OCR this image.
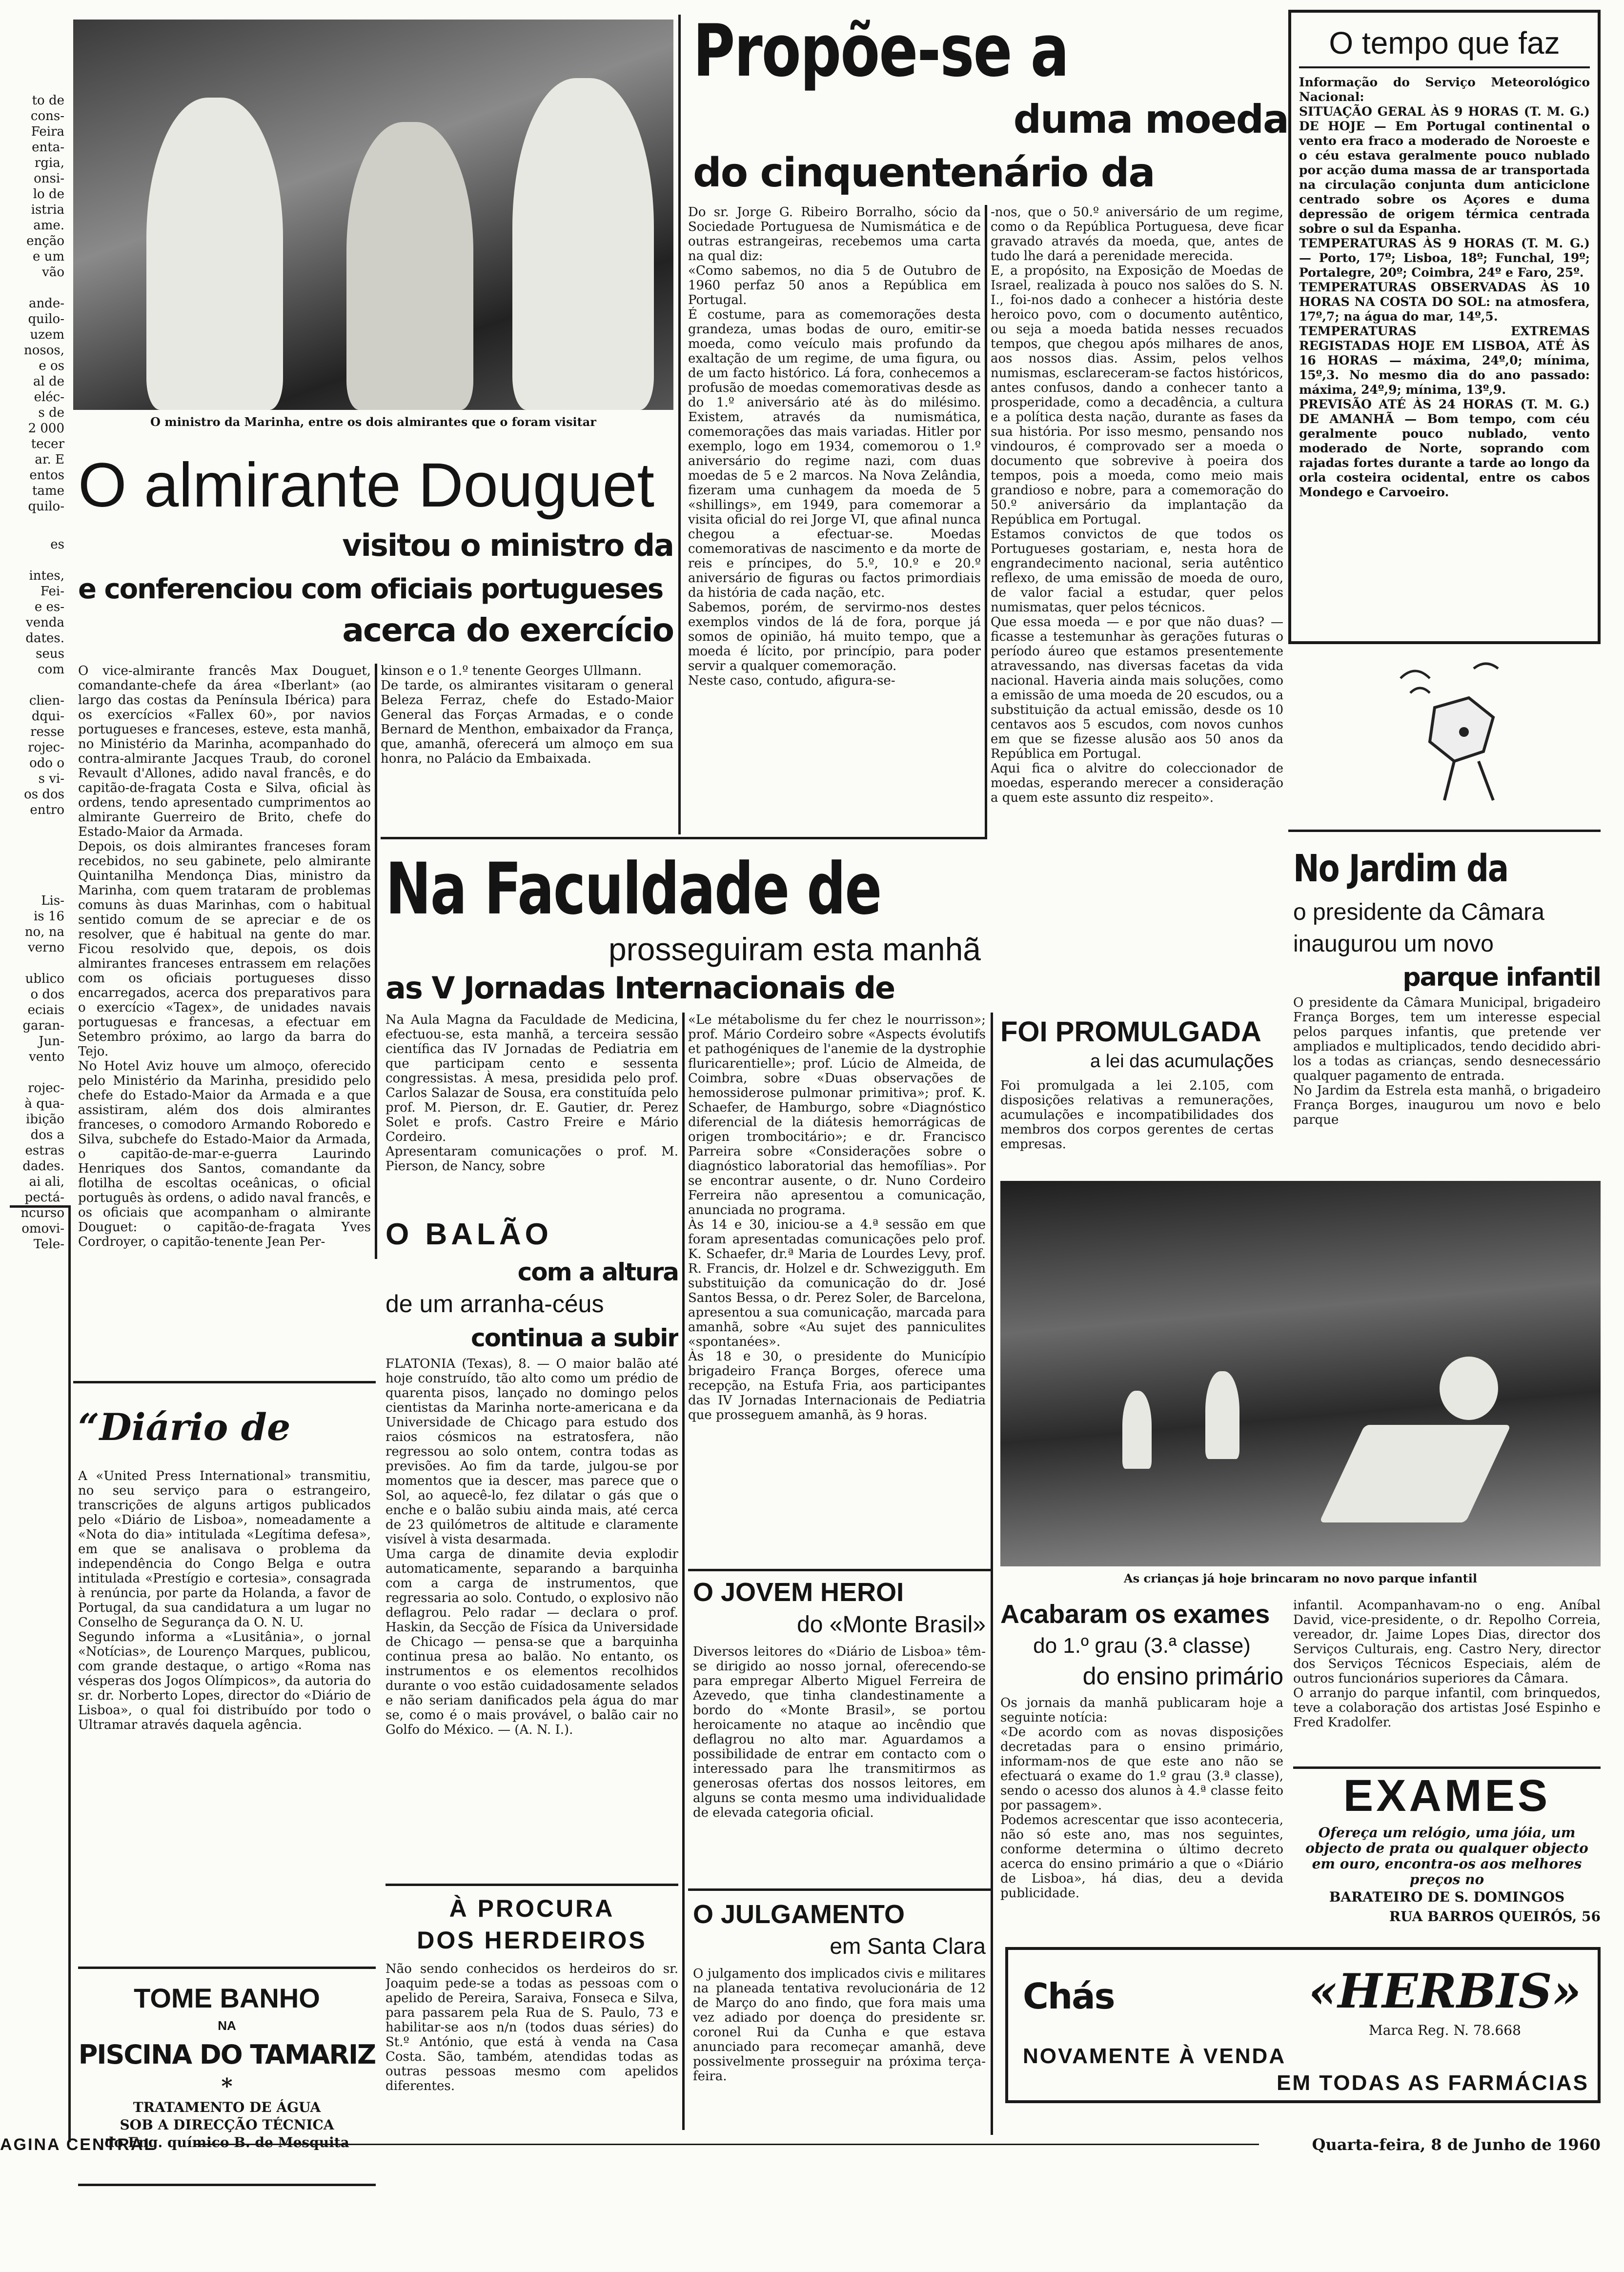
to de
cons-
Feira
enta-
rgia,
onsi-
lo de
istria
ame.
enção
e um
vão

ande-
quilo-
uzem
nosos,
e os
al de
eléc-
s de
2 000
tecer
ar. E
entos
tame
quilo-
es

intes,
Fei-
e es-
venda
dates.
seus
com

clien-
dqui-
resse
rojec-
odo o
s vi-
os dos
entro
Lis-
is 16
no, na
verno

ublico
o dos
eciais
garan-
Jun-
vento

rojec-
à qua-
ibição
dos a
estras
dades.
ai ali,
pectá-
ncurso
omovi-
Tele-
O ministro da Marinha, entre os dois almirantes que o foram visitar
O almirante Douguet
visitou o ministro da
e conferenciou com oficiais portugueses
acerca do exercício
O vice-almirante francês Max Douguet, comandante-chefe da área «Iberlant» (ao largo das costas da Península Ibérica) para os exercícios «Fallex 60», por navios portugueses e franceses, esteve, esta manhã, no Ministério da Marinha, acompanhado do contra-almirante Jacques Traub, do coronel Revault d'Allones, adido naval francês, e do capitão-de-fragata Costa e Silva, oficial às ordens, tendo apresentado cumprimentos ao almirante Guerreiro de Brito, chefe do Estado-Maior da Armada.
Depois, os dois almirantes franceses foram recebidos, no seu gabinete, pelo almirante Quintanilha Mendonça Dias, ministro da Marinha, com quem trataram de problemas comuns às duas Marinhas, com o habitual sentido comum de se apreciar e de os resolver, que é habitual na gente do mar. Ficou resolvido que, depois, os dois almirantes franceses entrassem em relações com os oficiais portugueses disso encarregados, acerca dos preparativos para o exercício «Tagex», de unidades navais portuguesas e francesas, a efectuar em Setembro próximo, ao largo da barra do Tejo.
No Hotel Aviz houve um almoço, oferecido pelo Ministério da Marinha, presidido pelo chefe do Estado-Maior da Armada e a que assistiram, além dos dois almirantes franceses, o comodoro Armando Roboredo e Silva, subchefe do Estado-Maior da Armada, o capitão-de-mar-e-guerra Laurindo Henriques dos Santos, comandante da flotilha de escoltas oceânicas, o oficial português às ordens, o adido naval francês, e os oficiais que acompanham o almirante Douguet: o capitão-de-fragata Yves Cordroyer, o capitão-tenente Jean Per-
kinson e o 1.º tenente Georges Ullmann.
De tarde, os almirantes visitaram o general Beleza Ferraz, chefe do Estado-Maior General das Forças Armadas, e o conde Bernard de Menthon, embaixador da França, que, amanhã, oferecerá um almoço em sua honra, no Palácio da Embaixada.
Propõe-se a
duma moeda
do cinquentenário da
Do sr. Jorge G. Ribeiro Borralho, sócio da Sociedade Portuguesa de Numismática e de outras estrangeiras, recebemos uma carta na qual diz:
«Como sabemos, no dia 5 de Outubro de 1960 perfaz 50 anos a República em Portugal.
É costume, para as comemorações desta grandeza, umas bodas de ouro, emitir-se moeda, como veículo mais profundo da exaltação de um regime, de uma figura, ou de um facto histórico. Lá fora, conhecemos a profusão de moedas comemorativas desde as do 1.º aniversário até às do milésimo. Existem, através da numismática, comemorações das mais variadas. Hitler por exemplo, logo em 1934, comemorou o 1.º aniversário do regime nazi, com duas moedas de 5 e 2 marcos. Na Nova Zelândia, fizeram uma cunhagem da moeda de 5 «shillings», em 1949, para comemorar a visita oficial do rei Jorge VI, que afinal nunca chegou a efectuar-se. Moedas comemorativas de nascimento e da morte de reis e príncipes, do 5.º, 10.º e 20.º aniversário de figuras ou factos primordiais da história de cada nação, etc.
Sabemos, porém, de servirmo-nos destes exemplos vindos de lá de fora, porque já somos de opinião, há muito tempo, que a moeda é lícito, por princípio, para poder servir a qualquer comemoração.
Neste caso, contudo, afigura-se-
-nos, que o 50.º aniversário de um regime, como o da República Portuguesa, deve ficar gravado através da moeda, que, antes de tudo lhe dará a perenidade merecida.
E, a propósito, na Exposição de Moedas de Israel, realizada à pouco nos salões do S. N. I., foi-nos dado a conhecer a história deste heroico povo, com o documento autêntico, ou seja a moeda batida nesses recuados tempos, que chegou após milhares de anos, aos nossos dias. Assim, pelos velhos numismas, esclareceram-se factos históricos, antes confusos, dando a conhecer tanto a prosperidade, como a decadência, a cultura e a política desta nação, durante as fases da sua história. Por isso mesmo, pensando nos vindouros, é comprovado ser a moeda o documento que sobrevive à poeira dos tempos, pois a moeda, como meio mais grandioso e nobre, para a comemoração do 50.º aniversário da implantação da República em Portugal.
Estamos convictos de que todos os Portugueses gostariam, e, nesta hora de engrandecimento nacional, seria autêntico reflexo, de uma emissão de moeda de ouro, de valor facial a estudar, quer pelos numismatas, quer pelos técnicos.
Que essa moeda — e por que não duas? — ficasse a testemunhar às gerações futuras o período áureo que estamos presentemente atravessando, nas diversas facetas da vida nacional. Haveria ainda mais soluções, como a emissão de uma moeda de 20 escudos, ou a substituição da actual emissão, desde os 10 centavos aos 5 escudos, com novos cunhos em que se fizesse alusão aos 50 anos da República em Portugal.
Aqui fica o alvitre do coleccionador de moedas, esperando merecer a consideração a quem este assunto diz respeito».
O tempo que faz
Informação do Serviço Meteorológico Nacional:
SITUAÇÃO GERAL ÀS 9 HORAS (T. M. G.) DE HOJE — Em Portugal continental o vento era fraco a moderado de Noroeste e o céu estava geralmente pouco nublado por acção duma massa de ar transportada na circulação conjunta dum anticiclone centrado sobre os Açores e duma depressão de origem térmica centrada sobre o sul da Espanha.
TEMPERATURAS ÀS 9 HORAS (T. M. G.) — Porto, 17º; Lisboa, 18º; Funchal, 19º; Portalegre, 20º; Coimbra, 24º e Faro, 25º.
TEMPERATURAS OBSERVADAS ÀS 10 HORAS NA COSTA DO SOL: na atmosfera, 17º,7; na água do mar, 14º,5.
TEMPERATURAS EXTREMAS REGISTADAS HOJE EM LISBOA, ATÉ ÀS 16 HORAS — máxima, 24º,0; mínima, 15º,3. No mesmo dia do ano passado: máxima, 24º,9; mínima, 13º,9.
PREVISÃO ATÉ ÀS 24 HORAS (T. M. G.) DE AMANHÃ — Bom tempo, com céu geralmente pouco nublado, vento moderado de Norte, soprando com rajadas fortes durante a tarde ao longo da orla costeira ocidental, entre os cabos Mondego e Carvoeiro.
Na Faculdade de
prosseguiram esta manhã
as V Jornadas Internacionais de
Na Aula Magna da Faculdade de Medicina, efectuou-se, esta manhã, a terceira sessão científica das IV Jornadas de Pediatria em que participam cento e sessenta congressistas. À mesa, presidida pelo prof. Carlos Salazar de Sousa, era constituída pelo prof. M. Pierson, dr. E. Gautier, dr. Perez Solet e profs. Castro Freire e Mário Cordeiro.
Apresentaram comunicações o prof. M. Pierson, de Nancy, sobre
«Le métabolisme du fer chez le nourrisson»; prof. Mário Cordeiro sobre «Aspects évolutifs et pathogéniques de l'anemie de la dystrophie fluricarentielle»; prof. Lúcio de Almeida, de Coimbra, sobre «Duas observações de hemossiderose pulmonar primitiva»; prof. K. Schaefer, de Hamburgo, sobre «Diagnóstico diferencial de la diátesis hemorrágicas de origen trombocitário»; e dr. Francisco Parreira sobre «Considerações sobre o diagnóstico laboratorial das hemofílias». Por se encontrar ausente, o dr. Nuno Cordeiro Ferreira não apresentou a comunicação, anunciada no programa.
Às 14 e 30, iniciou-se a 4.ª sessão em que foram apresentadas comunicações pelo prof. K. Schaefer, dr.ª Maria de Lourdes Levy, prof. R. Francis, dr. Holzel e dr. Schwezigguth. Em substituição da comunicação do dr. José Santos Bessa, o dr. Perez Soler, de Barcelona, apresentou a sua comunicação, marcada para amanhã, sobre «Au sujet des panniculites «spontanées».
Às 18 e 30, o presidente do Município brigadeiro França Borges, oferece uma recepção, na Estufa Fria, aos participantes das IV Jornadas Internacionais de Pediatria que prosseguem amanhã, às 9 horas.
O BALÃO
com a altura
de um arranha-céus
continua a subir
FLATONIA (Texas), 8. — O maior balão até hoje construído, tão alto como um prédio de quarenta pisos, lançado no domingo pelos cientistas da Marinha norte-americana e da Universidade de Chicago para estudo dos raios cósmicos na estratosfera, não regressou ao solo ontem, contra todas as previsões. Ao fim da tarde, julgou-se por momentos que ia descer, mas parece que o Sol, ao aquecê-lo, fez dilatar o gás que o enche e o balão subiu ainda mais, até cerca de 23 quilómetros de altitude e claramente visível à vista desarmada.
Uma carga de dinamite devia explodir automaticamente, separando a barquinha com a carga de instrumentos, que regressaria ao solo. Contudo, o explosivo não deflagrou. Pelo radar — declara o prof. Haskin, da Secção de Física da Universidade de Chicago — pensa-se que a barquinha continua presa ao balão. No entanto, os instrumentos e os elementos recolhidos durante o voo estão cuidadosamente selados e não seriam danificados pela água do mar se, como é o mais provável, o balão cair no Golfo do México. — (A. N. I.).
“Diário de
A «United Press International» transmitiu, no seu serviço para o estrangeiro, transcrições de alguns artigos publicados pelo «Diário de Lisboa», nomeadamente a «Nota do dia» intitulada «Legítima defesa», em que se analisava o problema da independência do Congo Belga e outra intitulada «Prestígio e cortesia», consagrada à renúncia, por parte da Holanda, a favor de Portugal, da sua candidatura a um lugar no Conselho de Segurança da O. N. U.
Segundo informa a «Lusitânia», o jornal «Notícias», de Lourenço Marques, publicou, com grande destaque, o artigo «Roma nas vésperas dos Jogos Olímpicos», da autoria do sr. dr. Norberto Lopes, director do «Diário de Lisboa», o qual foi distribuído por todo o Ultramar através daquela agência.
TOME BANHO
NA
PISCINA DO TAMARIZ
*
TRATAMENTO DE ÁGUA
SOB A DIRECÇÃO TÉCNICA
do Eng. químico B. de Mesquita
À PROCURA
DOS HERDEIROS
Não sendo conhecidos os herdeiros do sr. Joaquim pede-se a todas as pessoas com o apelido de Pereira, Saraiva, Fonseca e Silva, para passarem pela Rua de S. Paulo, 73 e habilitar-se aos n/n (todos duas séries) do St.º António, que está à venda na Casa Costa. São, também, atendidas todas as outras pessoas mesmo com apelidos diferentes.
O JOVEM HEROI
do «Monte Brasil»
Diversos leitores do «Diário de Lisboa» têm-se dirigido ao nosso jornal, oferecendo-se para empregar Alberto Miguel Ferreira de Azevedo, que tinha clandestinamente a bordo do «Monte Brasil», se portou heroicamente no ataque ao incêndio que deflagrou no alto mar. Aguardamos a possibilidade de entrar em contacto com o interessado para lhe transmitirmos as generosas ofertas dos nossos leitores, em alguns se conta mesmo uma individualidade de elevada categoria oficial.
O JULGAMENTO
em Santa Clara
O julgamento dos implicados civis e militares na planeada tentativa revolucionária de 12 de Março do ano findo, que fora mais uma vez adiado por doença do presidente sr. coronel Rui da Cunha e que estava anunciado para recomeçar amanhã, deve possivelmente prosseguir na próxima terça-feira.
FOI PROMULGADA
a lei das acumulações
Foi promulgada a lei 2.105, com disposições relativas a remunerações, acumulações e incompatibilidades dos membros dos corpos gerentes de certas empresas.
No Jardim da
o presidente da Câmara
inaugurou um novo
parque infantil
O presidente da Câmara Municipal, brigadeiro França Borges, tem um interesse especial pelos parques infantis, que pretende ver ampliados e multiplicados, tendo decidido abri-los a todas as crianças, sendo desnecessário qualquer pagamento de entrada.
No Jardim da Estrela esta manhã, o brigadeiro França Borges, inaugurou um novo e belo parque
As crianças já hoje brincaram no novo parque infantil
Acabaram os exames
do 1.º grau (3.ª classe)
do ensino primário
Os jornais da manhã publicaram hoje a seguinte notícia:
«De acordo com as novas disposições decretadas para o ensino primário, informam-nos de que este ano não se efectuará o exame do 1.º grau (3.ª classe), sendo o acesso dos alunos à 4.ª classe feito por passagem».
Podemos acrescentar que isso aconteceria, não só este ano, mas nos seguintes, conforme determina o último decreto acerca do ensino primário a que o «Diário de Lisboa», há dias, deu a devida publicidade.
infantil. Acompanhavam-no o eng. Aníbal David, vice-presidente, o dr. Repolho Correia, vereador, dr. Jaime Lopes Dias, director dos Serviços Culturais, eng. Castro Nery, director dos Serviços Técnicos Especiais, além de outros funcionários superiores da Câmara.
O arranjo do parque infantil, com brinquedos, teve a colaboração dos artistas José Espinho e Fred Kradolfer.
EXAMES
Ofereça um relógio, uma jóia, um objecto de prata ou qualquer objecto em ouro, encontra-os aos melhores preços no
BARATEIRO DE S. DOMINGOS
RUA BARROS QUEIRÓS, 56
Chás	«HERBIS»
Marca Reg. N. 78.668
NOVAMENTE À VENDA
EM TODAS AS FARMÁCIAS
AGINA CENTRAL	Quarta-feira, 8 de Junho de 1960
